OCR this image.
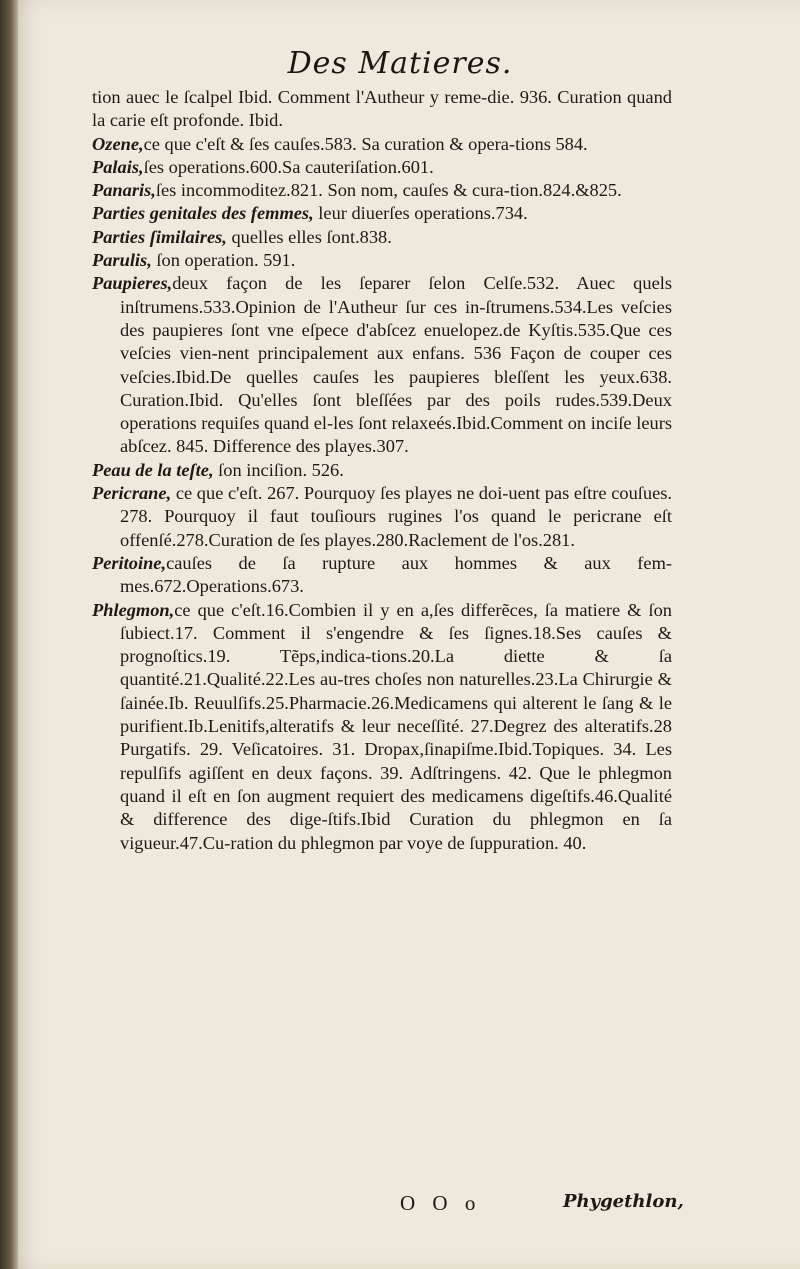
Des Matieres.

tion auec le ſcalpel Ibid. Comment l'Autheur y reme-die. 936. Curation quand la carie eſt profonde. Ibid.

Ozene,ce que c'eſt & ſes cauſes.583. Sa curation & opera-tions 584.

Palais,ſes operations.600.Sa cauteriſation.601.

Panaris,ſes incommoditez.821. Son nom, cauſes & cura-tion.824.&825.

Parties genitales des femmes, leur diuerſes operations.734.

Parties ſimilaires, quelles elles ſont.838.

Parulis, ſon operation. 591.

Paupieres,deux façon de les ſeparer ſelon Celſe.532. Auec quels inſtrumens.533.Opinion de l'Autheur ſur ces in-ſtrumens.534.Les veſcies des paupieres ſont vne eſpece d'abſcez enuelopez.de Kyſtis.535.Que ces veſcies vien-nent principalement aux enfans. 536 Façon de couper ces veſcies.Ibid.De quelles cauſes les paupieres bleſſent les yeux.638. Curation.Ibid. Qu'elles ſont bleſſées par des poils rudes.539.Deux operations requiſes quand el-les ſont relaxeés.Ibid.Comment on inciſe leurs abſcez. 845. Difference des playes.307.

Peau de la teſte, ſon inciſion. 526.

Pericrane, ce que c'eſt. 267. Pourquoy ſes playes ne doi-uent pas eſtre couſues. 278. Pourquoy il faut touſiours rugines l'os quand le pericrane eſt offenſé.278.Curation de ſes playes.280.Raclement de l'os.281.

Peritoine,cauſes de ſa rupture aux hommes & aux fem-mes.672.Operations.673.

Phlegmon,ce que c'eſt.16.Combien il y en a,ſes differẽces, ſa matiere & ſon ſubiect.17. Comment il s'engendre & ſes ſignes.18.Ses cauſes & prognoſtics.19. Tẽps,indica-tions.20.La diette & ſa quantité.21.Qualité.22.Les au-tres choſes non naturelles.23.La Chirurgie & ſainée.Ib. Reuulſifs.25.Pharmacie.26.Medicamens qui alterent le ſang & le purifient.Ib.Lenitifs,alteratifs & leur neceſſité. 27.Degrez des alteratifs.28 Purgatifs. 29. Veſicatoires. 31. Dropax,ſinapiſme.Ibid.Topiques. 34. Les repulſifs agiſſent en deux façons. 39. Adſtringens. 42. Que le phlegmon quand il eſt en ſon augment requiert des medicamens digeſtifs.46.Qualité & difference des dige-ſtifs.Ibid Curation du phlegmon en ſa vigueur.47.Cu-ration du phlegmon par voye de ſuppuration. 40.

O O o	Phygethlon,
